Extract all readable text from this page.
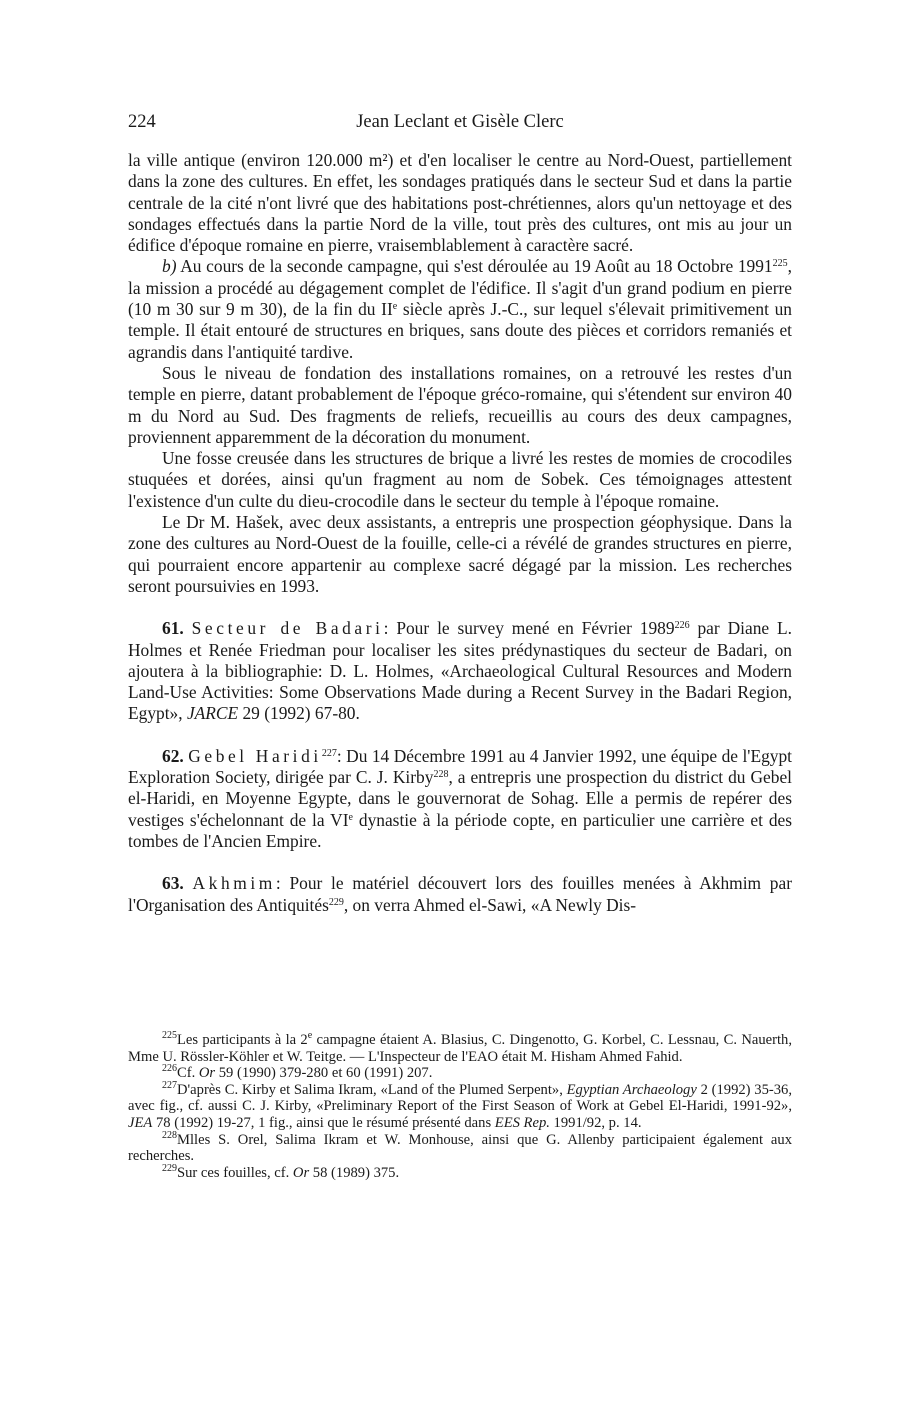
224	Jean Leclant et Gisèle Clerc

la ville antique (environ 120.000 m²) et d'en localiser le centre au Nord-Ouest, partiellement dans la zone des cultures. En effet, les sondages pratiqués dans le secteur Sud et dans la partie centrale de la cité n'ont livré que des habitations post-chrétiennes, alors qu'un nettoyage et des sondages effectués dans la partie Nord de la ville, tout près des cultures, ont mis au jour un édifice d'époque romaine en pierre, vraisemblablement à caractère sacré.

b) Au cours de la seconde campagne, qui s'est déroulée au 19 Août au 18 Octobre 1991$^{225}$, la mission a procédé au dégagement complet de l'édifice. Il s'agit d'un grand podium en pierre (10 m 30 sur 9 m 30), de la fin du IIe siècle après J.-C., sur lequel s'élevait primitivement un temple. Il était entouré de structures en briques, sans doute des pièces et corridors remaniés et agrandis dans l'antiquité tardive.

Sous le niveau de fondation des installations romaines, on a retrouvé les restes d'un temple en pierre, datant probablement de l'époque gréco-romaine, qui s'étendent sur environ 40 m du Nord au Sud. Des fragments de reliefs, recueillis au cours des deux campagnes, proviennent apparemment de la décoration du monument.

Une fosse creusée dans les structures de brique a livré les restes de momies de crocodiles stuquées et dorées, ainsi qu'un fragment au nom de Sobek. Ces témoignages attestent l'existence d'un culte du dieu-crocodile dans le secteur du temple à l'époque romaine.

Le Dr M. Hašek, avec deux assistants, a entrepris une prospection géophysique. Dans la zone des cultures au Nord-Ouest de la fouille, celle-ci a révélé de grandes structures en pierre, qui pourraient encore appartenir au complexe sacré dégagé par la mission. Les recherches seront poursuivies en 1993.

61. Secteur de Badari: Pour le survey mené en Février 1989$^{226}$ par Diane L. Holmes et Renée Friedman pour localiser les sites prédynastiques du secteur de Badari, on ajoutera à la bibliographie: D. L. Holmes, «Archaeological Cultural Resources and Modern Land-Use Activities: Some Observations Made during a Recent Survey in the Badari Region, Egypt», JARCE 29 (1992) 67-80.

62. Gebel Haridi$^{227}$: Du 14 Décembre 1991 au 4 Janvier 1992, une équipe de l'Egypt Exploration Society, dirigée par C. J. Kirby$^{228}$, a entrepris une prospection du district du Gebel el-Haridi, en Moyenne Egypte, dans le gouvernorat de Sohag. Elle a permis de repérer des vestiges s'échelonnant de la VIe dynastie à la période copte, en particulier une carrière et des tombes de l'Ancien Empire.

63. Akhmim: Pour le matériel découvert lors des fouilles menées à Akhmim par l'Organisation des Antiquités$^{229}$, on verra Ahmed el-Sawi, «A Newly Dis-

$^{225}$Les participants à la 2e campagne étaient A. Blasius, C. Dingenotto, G. Korbel, C. Lessnau, C. Nauerth, Mme U. Rössler-Köhler et W. Teitge. — L'Inspecteur de l'EAO était M. Hisham Ahmed Fahid.

$^{226}$Cf. Or 59 (1990) 379-280 et 60 (1991) 207.

$^{227}$D'après C. Kirby et Salima Ikram, «Land of the Plumed Serpent», Egyptian Archaeology 2 (1992) 35-36, avec fig., cf. aussi C. J. Kirby, «Preliminary Report of the First Season of Work at Gebel El-Haridi, 1991-92», JEA 78 (1992) 19-27, 1 fig., ainsi que le résumé présenté dans EES Rep. 1991/92, p. 14.

$^{228}$Mlles S. Orel, Salima Ikram et W. Monhouse, ainsi que G. Allenby participaient également aux recherches.

$^{229}$Sur ces fouilles, cf. Or 58 (1989) 375.
